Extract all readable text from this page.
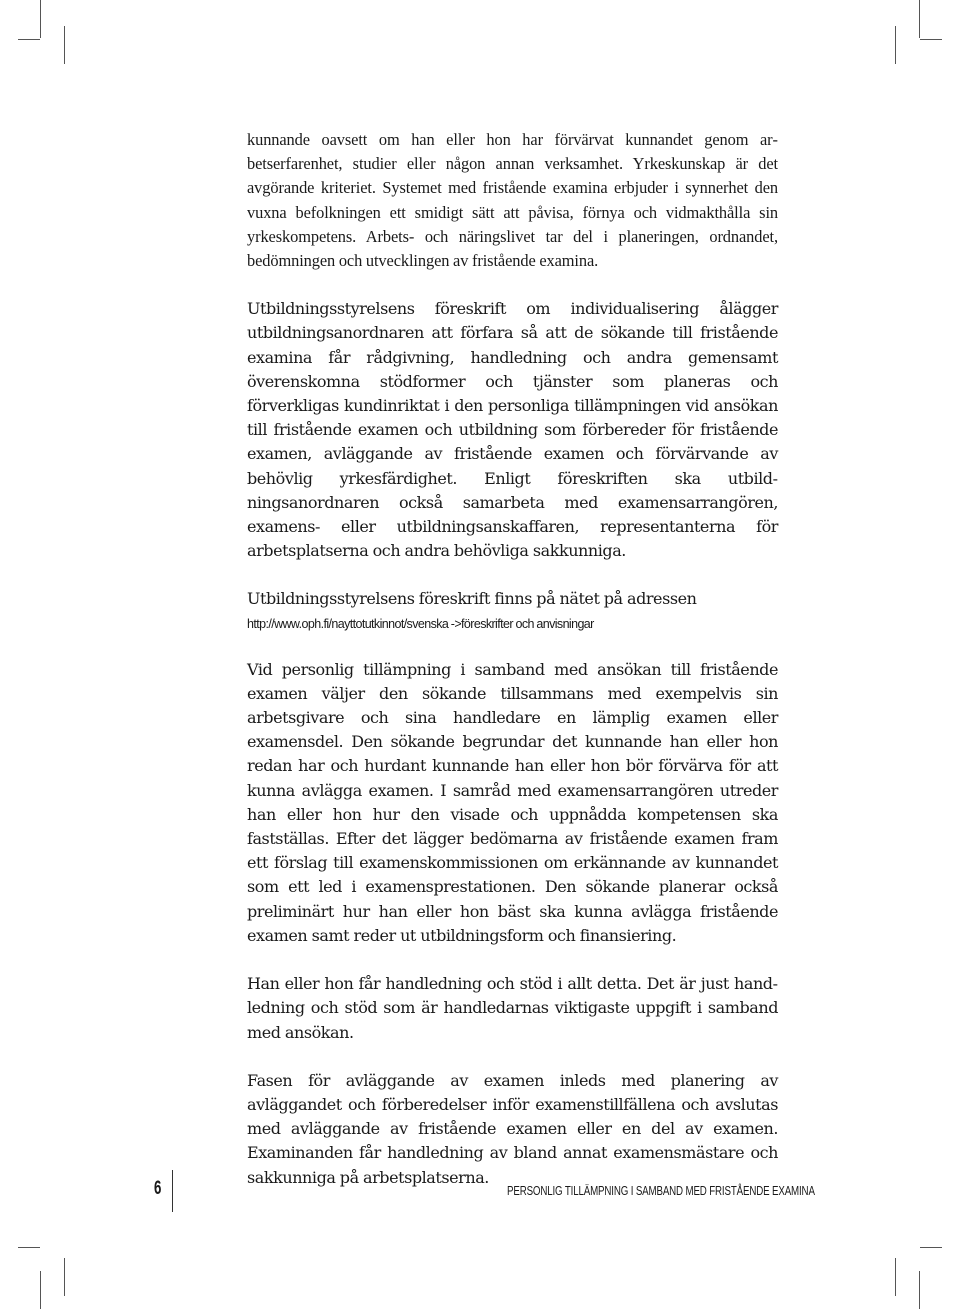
kunnande oavsett om han eller hon har förvärvat kunnandet genom arbetserfarenhet, studier eller någon annan verksamhet. Yrkeskunskap är det avgörande kriteriet. Systemet med fristående examina erbjuder i synnerhet den vuxna befolkningen ett smidigt sätt att påvisa, förnya och vidmakthålla sin yrkeskompetens. Arbets- och näringslivet tar del i planeringen, ordnandet, bedömningen och utvecklingen av fristående examina.

Utbildningsstyrelsens föreskrift om individualisering ålägger utbildningsanordnaren att förfara så att de sökande till fristående examina får rådgivning, handledning och andra gemensamt överenskomna stödformer och tjänster som planeras och förverkligas kundinriktat i den personliga tillämpningen vid ansökan till fristående examen och utbildning som förbereder för fristående examen, avläggande av fristående examen och förvärvande av behövlig yrkesfärdighet. Enligt föreskriften ska utbildningsanordnaren också samarbeta med examensarrangören, examens- eller utbildningsanskaffaren, representanterna för arbetsplatserna och andra behövliga sakkunniga.

Utbildningsstyrelsens föreskrift finns på nätet på adressen
http://www.oph.fi/nayttotutkinnot/svenska ->föreskrifter och anvisningar

Vid personlig tillämpning i samband med ansökan till fristående examen väljer den sökande tillsammans med exempelvis sin arbetsgivare och sina handledare en lämplig examen eller examensdel. Den sökande begrundar det kunnande han eller hon redan har och hurdant kunnande han eller hon bör förvärva för att kunna avlägga examen. I samråd med examensarrangören utreder han eller hon hur den visade och uppnådda kompetensen ska fastställas. Efter det lägger bedömarna av fristående examen fram ett förslag till examenskommissionen om erkännande av kunnandet som ett led i examensprestationen. Den sökande planerar också preliminärt hur han eller hon bäst ska kunna avlägga fristående examen samt reder ut utbildningsform och finansiering.

Han eller hon får handledning och stöd i allt detta. Det är just handledning och stöd som är handledarnas viktigaste uppgift i samband med ansökan.

Fasen för avläggande av examen inleds med planering av avläggandet och förberedelser inför examenstillfällena och avslutas med avläggande av fristående examen eller en del av examen. Examinanden får handledning av bland annat examensmästare och sakkunniga på arbetsplatserna.

6	PERSONLIG TILLÄMPNING I SAMBAND MED FRISTÅENDE EXAMINA
